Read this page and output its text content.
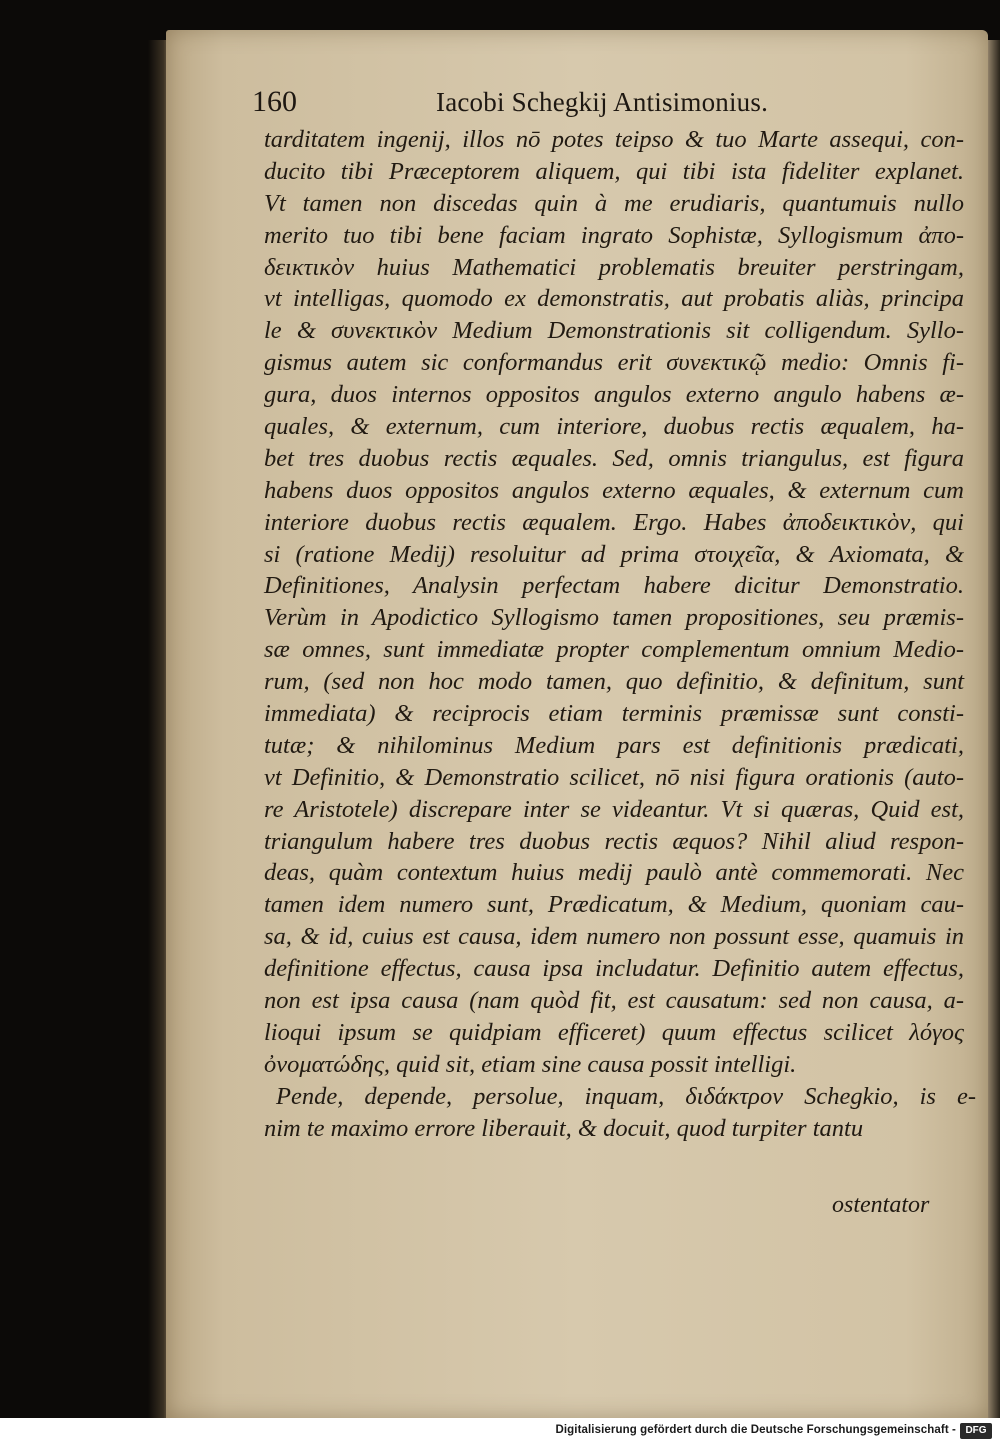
160	Iacobi Schegkij Antisimonius.
tarditatem ingenij, illos nō potes teipso & tuo Marte assequi, con-
ducito tibi Præceptorem aliquem, qui tibi ista fideliter explanet.
Vt tamen non discedas quin à me erudiaris, quantumuis nullo
merito tuo tibi bene faciam ingrato Sophistæ, Syllogismum ἀπο-
δεικτικὸν huius Mathematici problematis breuiter perstringam,
vt intelligas, quomodo ex demonstratis, aut probatis aliàs, principa
le & συνεκτικὸν Medium Demonstrationis sit colligendum. Syllo-
gismus autem sic conformandus erit συνεκτικῷ medio: Omnis fi-
gura, duos internos oppositos angulos externo angulo habens æ-
quales, & externum, cum interiore, duobus rectis æqualem, ha-
bet tres duobus rectis æquales. Sed, omnis triangulus, est figura
habens duos oppositos angulos externo æquales, & externum cum
interiore duobus rectis æqualem. Ergo. Habes ἀποδεικτικὸν, qui
si (ratione Medij) resoluitur ad prima στοιχεῖα, & Axiomata, &
Definitiones, Analysin perfectam habere dicitur Demonstratio.
Verùm in Apodictico Syllogismo tamen propositiones, seu præmis-
sæ omnes, sunt immediatæ propter complementum omnium Medio-
rum, (sed non hoc modo tamen, quo definitio, & definitum, sunt
immediata) & reciprocis etiam terminis præmissæ sunt consti-
tutæ; & nihilominus Medium pars est definitionis prædicati,
vt Definitio, & Demonstratio scilicet, nō nisi figura orationis (auto-
re Aristotele) discrepare inter se videantur. Vt si quæras, Quid est,
triangulum habere tres duobus rectis æquos? Nihil aliud respon-
deas, quàm contextum huius medij paulò antè commemorati. Nec
tamen idem numero sunt, Prædicatum, & Medium, quoniam cau-
sa, & id, cuius est causa, idem numero non possunt esse, quamuis in
definitione effectus, causa ipsa includatur. Definitio autem effectus,
non est ipsa causa (nam quòd fit, est causatum: sed non causa, a-
lioqui ipsum se quidpiam efficeret) quum effectus scilicet λόγος
ὀνοματώδης, quid sit, etiam sine causa possit intelligi.
Pende, depende, persolue, inquam, διδάκτρον Schegkio, is e-
nim te maximo errore liberauit, & docuit, quod turpiter tantu
ostentator
Digitalisierung gefördert durch die Deutsche Forschungsgemeinschaft - DFG
